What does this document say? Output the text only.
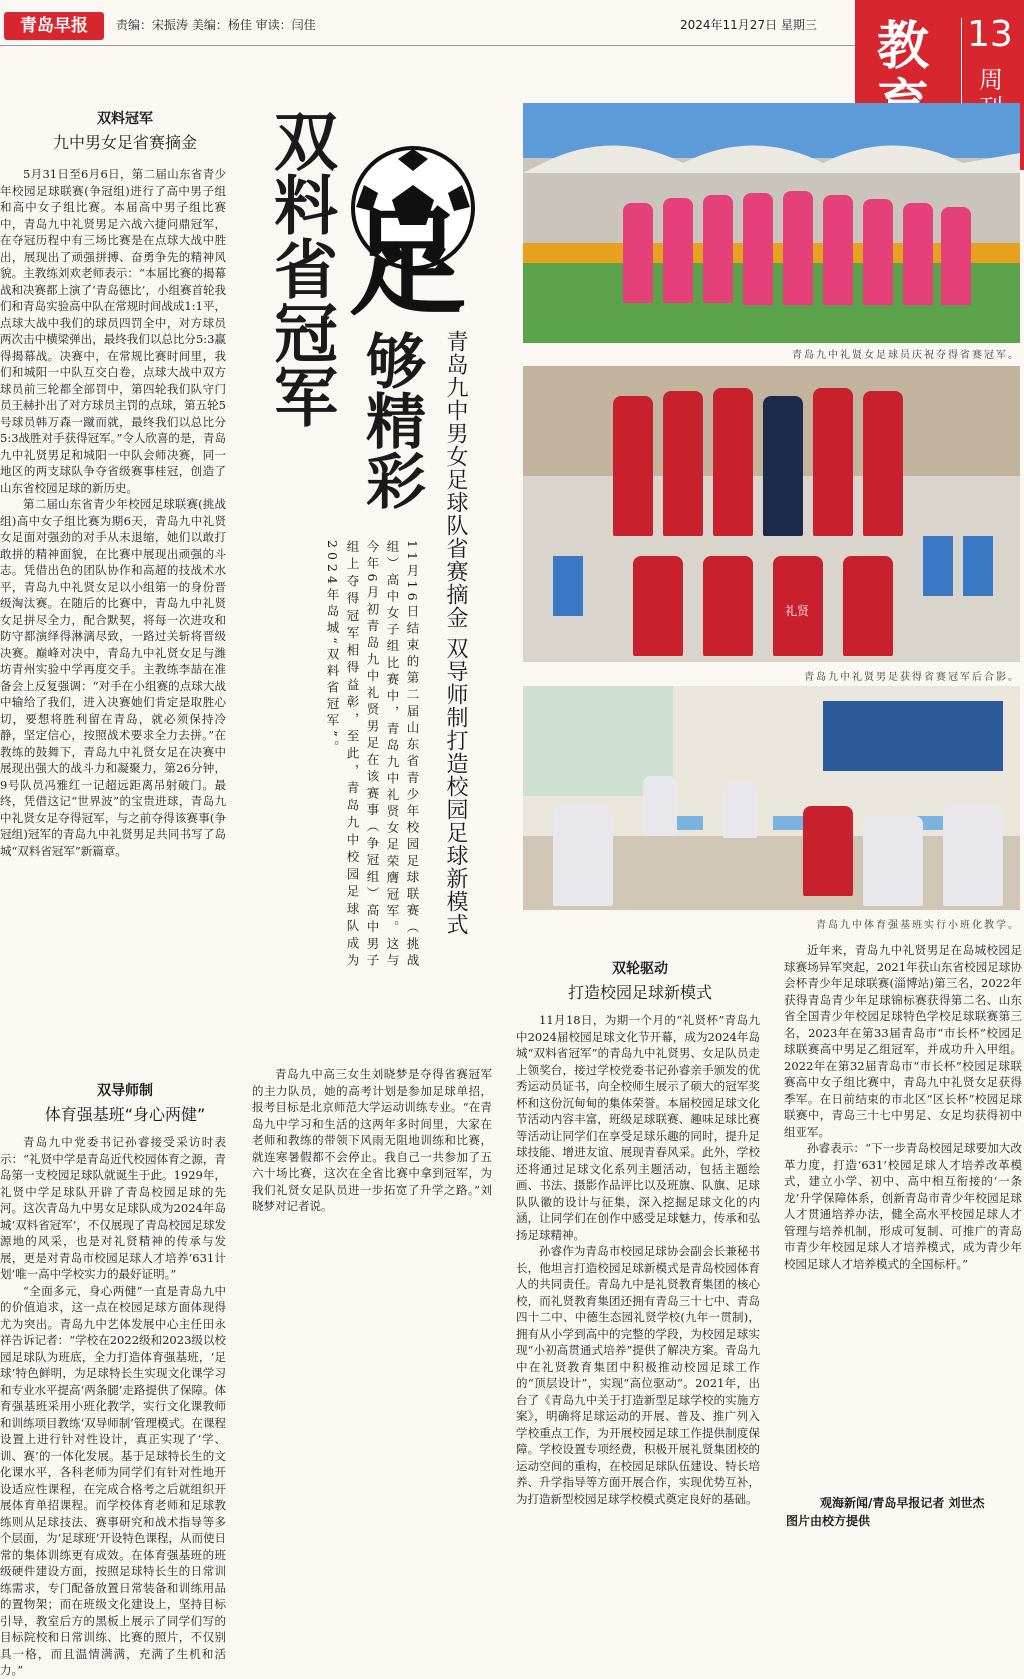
青岛早报	责编：宋振涛 美编：杨佳 审读：闫佳	2024年11月27日 星期三 教	13
周
双料冠军
九中男女足省赛摘金

5月31日至6月6日，第二届山东省青少年校园足球联赛(争冠组)进行了高中男子组和高中女子组比赛。本届高中男子组比赛中，青岛九中礼贤男足六战六捷问鼎冠军，在夺冠历程中有三场比赛是在点球大战中胜出，展现出了顽强拼搏、奋勇争先的精神风貌。主教练刘欢老师表示：“本届比赛的揭幕战和决赛都上演了‘青岛德比’，小组赛首轮我们和青岛实验高中队在常规时间战成1:1平，点球大战中我们的球员四罚全中，对方球员两次击中横梁弹出，最终我们以总比分5:3赢得揭幕战。决赛中，在常规比赛时间里，我们和城阳一中队互交白卷，点球大战中双方球员前三轮都全部罚中，第四轮我们队守门员王赫扑出了对方球员主罚的点球，第五轮5号球员韩万森一蹴而就，最终我们以总比分5:3战胜对手获得冠军。”令人欣喜的是，青岛九中礼贤男足和城阳一中队会师决赛，同一地区的两支球队争夺省级赛事桂冠，创造了山东省校园足球的新历史。

第二届山东省青少年校园足球联赛(挑战组)高中女子组比赛为期6天，青岛九中礼贤女足面对强劲的对手从未退缩，她们以敢打敢拼的精神面貌，在比赛中展现出顽强的斗志。凭借出色的团队协作和高超的技战术水平，青岛九中礼贤女足以小组第一的身份晋级淘汰赛。在随后的比赛中，青岛九中礼贤女足拼尽全力，配合默契，将每一次进攻和防守都演绎得淋漓尽致，一路过关斩将晋级决赛。巅峰对决中，青岛九中礼贤女足与潍坊青州实验中学再度交手。主教练李喆在准备会上反复强调：“对手在小组赛的点球大战中输给了我们，进入决赛她们肯定是取胜心切，要想将胜利留在青岛，就必须保持冷静，坚定信心，按照战术要求全力去拼。”在教练的鼓舞下，青岛九中礼贤女足在决赛中展现出强大的战斗力和凝聚力，第26分钟，9号队员冯雅红一记超远距离吊射破门。最终，凭借这记“世界波”的宝贵进球，青岛九中礼贤女足夺得冠军，与之前夺得该赛事(争冠组)冠军的青岛九中礼贤男足共同书写了岛城“双料省冠军”新篇章。

双料省冠军 足
够精彩 青岛九中男女足球队省赛摘金 双导师制打造校园足球新模式
11月16日结束的第二届山东省青少年校园足球联赛（挑战组）高中女子组比赛中，青岛九中礼贤女足荣膺冠军。这与今年6月初青岛九中礼贤男足在该赛事（争冠组）高中男子组上夺得冠军相得益彰，至此，青岛九中校园足球队成为2024年岛城“双料省冠军”。
青岛九中礼贤女足球员庆祝夺得省赛冠军。
礼贤
青岛九中礼贤男足获得省赛冠军后合影。
青岛九中体育强基班实行小班化教学。
双导师制
体育强基班“身心两健”

青岛九中党委书记孙睿接受采访时表示：“礼贤中学是青岛近代校园体育之源，青岛第一支校园足球队就诞生于此。1929年，礼贤中学足球队开辟了青岛校园足球的先河。这次青岛九中男女足球队成为2024年岛城‘双料省冠军’，不仅展现了青岛校园足球发源地的风采，也是对礼贤精神的传承与发展，更是对青岛市校园足球人才培养‘631计划’唯一高中学校实力的最好证明。”

“全面多元，身心两健”一直是青岛九中的价值追求，这一点在校园足球方面体现得尤为突出。青岛九中艺体发展中心主任田永祥告诉记者：“学校在2022级和2023级以校园足球队为班底，全力打造体育强基班，‘足球’特色鲜明，为足球特长生实现文化课学习和专业水平提高‘两条腿’走路提供了保障。体育强基班采用小班化教学，实行文化课教师和训练项目教练‘双导师制’管理模式。在课程设置上进行针对性设计，真正实现了‘学、训、赛’的一体化发展。基于足球特长生的文化课水平，各科老师为同学们有针对性地开设适应性课程，在完成合格考之后就组织开展体育单招课程。而学校体育老师和足球教练则从足球技法、赛事研究和战术指导等多个层面，为‘足球班’开设特色课程，从而使日常的集体训练更有成效。在体育强基班的班级硬件建设方面，按照足球特长生的日常训练需求，专门配备放置日常装备和训练用品的置物架；而在班级文化建设上，坚持目标引导，教室后方的黑板上展示了同学们写的目标院校和日常训练、比赛的照片，不仅别具一格，而且温情满满，充满了生机和活力。”

青岛九中高三女生刘晓梦是夺得省赛冠军的主力队员，她的高考计划是参加足球单招，报考目标是北京师范大学运动训练专业。“在青岛九中学习和生活的这两年多时间里，大家在老师和教练的带领下风雨无阻地训练和比赛，就连寒暑假都不会停止。我自己一共参加了五六十场比赛，这次在全省比赛中拿到冠军，为我们礼贤女足队员进一步拓宽了升学之路。”刘晓梦对记者说。

双轮驱动
打造校园足球新模式

11月18日，为期一个月的“礼贤杯”青岛九中2024届校园足球文化节开幕，成为2024年岛城“双料省冠军”的青岛九中礼贤男、女足队员走上领奖台，接过学校党委书记孙睿亲手颁发的优秀运动员证书，向全校师生展示了硕大的冠军奖杯和这份沉甸甸的集体荣誉。本届校园足球文化节活动内容丰富，班级足球联赛、趣味足球比赛等活动让同学们在享受足球乐趣的同时，提升足球技能、增进友谊、展现青春风采。此外，学校还将通过足球文化系列主题活动，包括主题绘画、书法、摄影作品评比以及班旗、队旗、足球队队徽的设计与征集，深入挖掘足球文化的内涵，让同学们在创作中感受足球魅力，传承和弘扬足球精神。

孙睿作为青岛市校园足球协会副会长兼秘书长，他坦言打造校园足球新模式是青岛校园体育人的共同责任。青岛九中是礼贤教育集团的核心校，而礼贤教育集团还拥有青岛三十七中、青岛四十二中、中德生态园礼贤学校(九年一贯制)，拥有从小学到高中的完整的学段，为校园足球实现“小初高贯通式培养”提供了解决方案。青岛九中在礼贤教育集团中积极推动校园足球工作的“顶层设计”，实现“高位驱动”。2021年，出台了《青岛九中关于打造新型足球学校的实施方案》，明确将足球运动的开展、普及、推广列入学校重点工作，为开展校园足球工作提供制度保障。学校设置专项经费，积极开展礼贤集团校的运动空间的重构，在校园足球队伍建设、特长培养、升学指导等方面开展合作，实现优势互补，为打造新型校园足球学校模式奠定良好的基础。

近年来，青岛九中礼贤男足在岛城校园足球赛场异军突起，2021年获山东省校园足球协会杯青少年足球联赛(淄博站)第三名，2022年获得青岛青少年足球锦标赛获得第二名、山东省全国青少年校园足球特色学校足球联赛第三名，2023年在第33届青岛市“市长杯”校园足球联赛高中男足乙组冠军，并成功升入甲组。2022年在第32届青岛市“市长杯”校园足球联赛高中女子组比赛中，青岛九中礼贤女足获得季军。在日前结束的市北区“区长杯”校园足球联赛中，青岛三十七中男足、女足均获得初中组亚军。

孙睿表示：“下一步青岛校园足球要加大改革力度，打造‘631’校园足球人才培养改革模式，建立小学、初中、高中相互衔接的‘一条龙’升学保障体系，创新青岛市青少年校园足球人才贯通培养办法，健全高水平校园足球人才管理与培养机制，形成可复制、可推广的青岛市青少年校园足球人才培养模式，成为青少年校园足球人才培养模式的全国标杆。”

观海新闻/青岛早报记者 刘世杰
图片由校方提供
